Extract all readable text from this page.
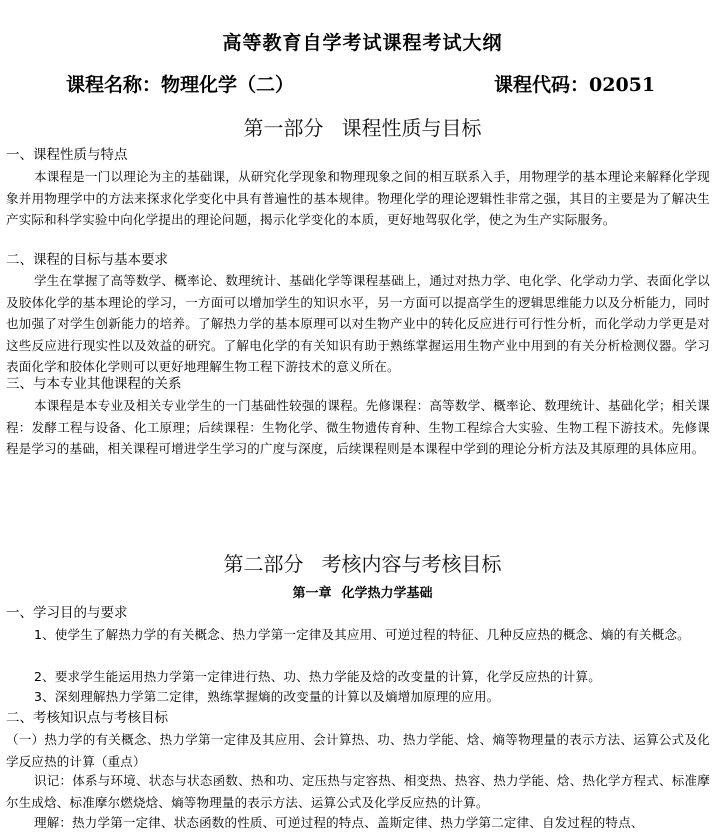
高等教育自学考试课程考试大纲
课程名称：物理化学（二）	课程代码：02051
第一部分 课程性质与目标
一、课程性质与特点
本课程是一门以理论为主的基础课，从研究化学现象和物理现象之间的相互联系入手，用物理学的基本理论来解释化学现象并用物理学中的方法来探求化学变化中具有普遍性的基本规律。物理化学的理论逻辑性非常之强，其目的主要是为了解决生产实际和科学实验中向化学提出的理论问题，揭示化学变化的本质，更好地驾驭化学，使之为生产实际服务。
二、课程的目标与基本要求
学生在掌握了高等数学、概率论、数理统计、基础化学等课程基础上，通过对热力学、电化学、化学动力学、表面化学以及胶体化学的基本理论的学习，一方面可以增加学生的知识水平，另一方面可以提高学生的逻辑思维能力以及分析能力，同时也加强了对学生创新能力的培养。了解热力学的基本原理可以对生物产业中的转化反应进行可行性分析，而化学动力学更是对这些反应进行现实性以及效益的研究。了解电化学的有关知识有助于熟练掌握运用生物产业中用到的有关分析检测仪器。学习表面化学和胶体化学则可以更好地理解生物工程下游技术的意义所在。
三、与本专业其他课程的关系
本课程是本专业及相关专业学生的一门基础性较强的课程。先修课程：高等数学、概率论、数理统计、基础化学；相关课程：发酵工程与设备、化工原理；后续课程：生物化学、微生物遗传育种、生物工程综合大实验、生物工程下游技术。先修课程是学习的基础，相关课程可增进学生学习的广度与深度，后续课程则是本课程中学到的理论分析方法及其原理的具体应用。
第二部分 考核内容与考核目标
第一章 化学热力学基础
一、学习目的与要求
1、使学生了解热力学的有关概念、热力学第一定律及其应用、可逆过程的特征、几种反应热的概念、熵的有关概念。
2、要求学生能运用热力学第一定律进行热、功、热力学能及焓的改变量的计算，化学反应热的计算。
3、深刻理解热力学第二定律，熟练掌握熵的改变量的计算以及熵增加原理的应用。
二、考核知识点与考核目标
（一）热力学的有关概念、热力学第一定律及其应用、会计算热、功、热力学能、焓、熵等物理量的表示方法、运算公式及化学反应热的计算（重点）
识记：体系与环境、状态与状态函数、热和功、定压热与定容热、相变热、热容、热力学能、焓、热化学方程式、标准摩尔生成焓、标准摩尔燃烧焓、熵等物理量的表示方法、运算公式及化学反应热的计算。
理解：热力学第一定律、状态函数的性质、可逆过程的特点、盖斯定律、热力学第二定律、自发过程的特点、
